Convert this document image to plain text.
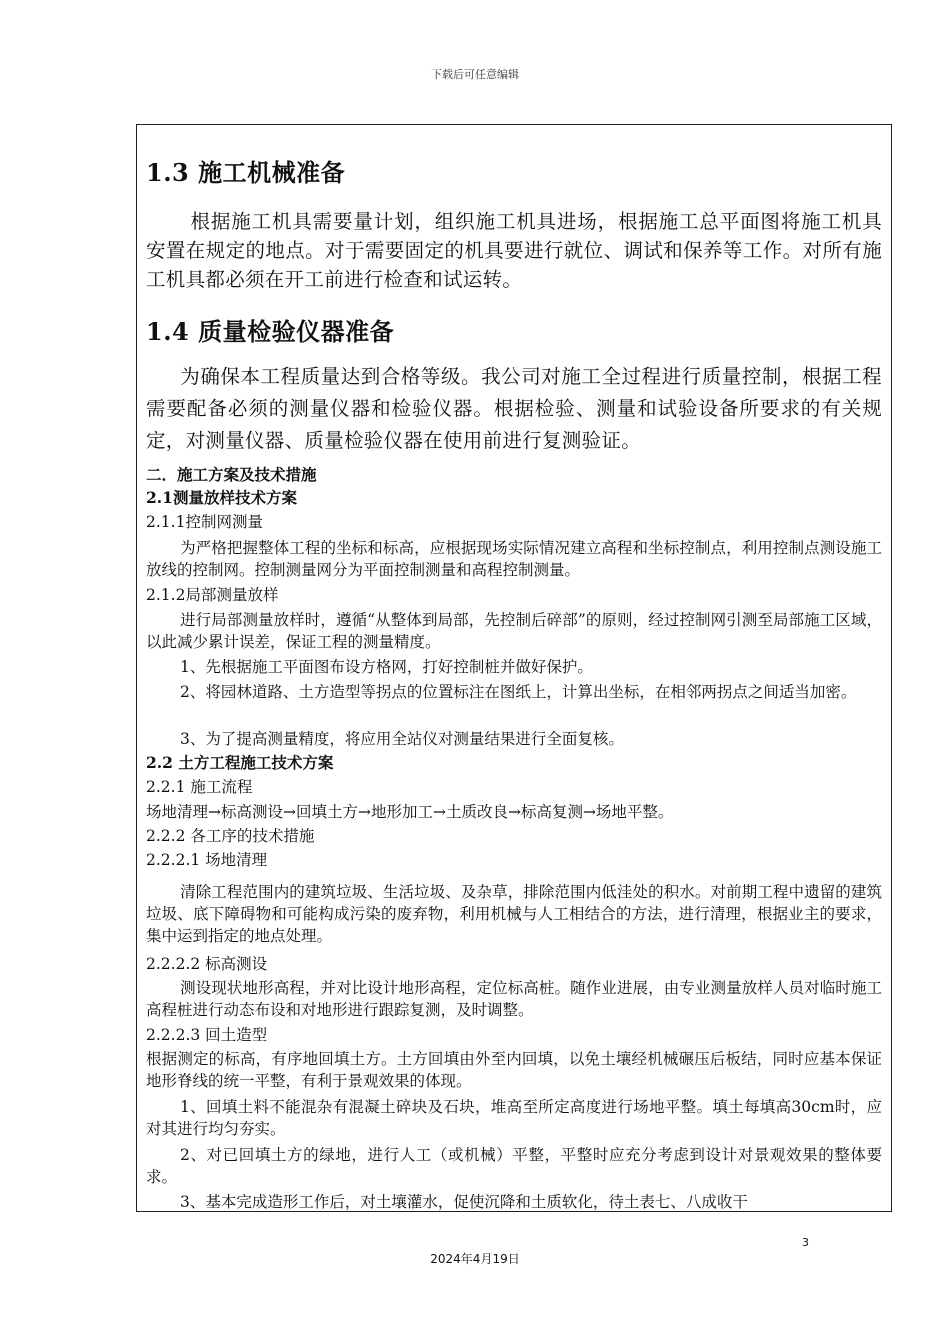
下载后可任意编辑
1.3 施工机械准备
根据施工机具需要量计划，组织施工机具进场，根据施工总平面图将施工机具安置在规定的地点。对于需要固定的机具要进行就位、调试和保养等工作。对所有施工机具都必须在开工前进行检查和试运转。
1.4 质量检验仪器准备
为确保本工程质量达到合格等级。我公司对施工全过程进行质量控制，根据工程需要配备必须的测量仪器和检验仪器。根据检验、测量和试验设备所要求的有关规定，对测量仪器、质量检验仪器在使用前进行复测验证。
二．施工方案及技术措施
2.1测量放样技术方案
2.1.1控制网测量
为严格把握整体工程的坐标和标高，应根据现场实际情况建立高程和坐标控制点，利用控制点测设施工放线的控制网。控制测量网分为平面控制测量和高程控制测量。
2.1.2局部测量放样
进行局部测量放样时，遵循“从整体到局部，先控制后碎部”的原则，经过控制网引测至局部施工区域，以此减少累计误差，保证工程的测量精度。
1、先根据施工平面图布设方格网，打好控制桩并做好保护。
2、将园林道路、土方造型等拐点的位置标注在图纸上，计算出坐标，在相邻两拐点之间适当加密。
3、为了提高测量精度，将应用全站仪对测量结果进行全面复核。
2.2 土方工程施工技术方案
2.2.1 施工流程
场地清理→标高测设→回填土方→地形加工→土质改良→标高复测→场地平整。
2.2.2 各工序的技术措施
2.2.2.1 场地清理
清除工程范围内的建筑垃圾、生活垃圾、及杂草，排除范围内低洼处的积水。对前期工程中遗留的建筑垃圾、底下障碍物和可能构成污染的废弃物，利用机械与人工相结合的方法，进行清理，根据业主的要求，集中运到指定的地点处理。
2.2.2.2 标高测设
测设现状地形高程，并对比设计地形高程，定位标高桩。随作业进展，由专业测量放样人员对临时施工高程桩进行动态布设和对地形进行跟踪复测，及时调整。
2.2.2.3 回土造型
根据测定的标高，有序地回填土方。土方回填由外至内回填，以免土壤经机械碾压后板结，同时应基本保证地形脊线的统一平整，有利于景观效果的体现。
1、回填土料不能混杂有混凝土碎块及石块，堆高至所定高度进行场地平整。填土每填高30cm时，应对其进行均匀夯实。
2、对已回填土方的绿地，进行人工（或机械）平整，平整时应充分考虑到设计对景观效果的整体要求。
3、基本完成造形工作后，对土壤灌水，促使沉降和土质软化，待土表七、八成收干
3
2024年4月19日
